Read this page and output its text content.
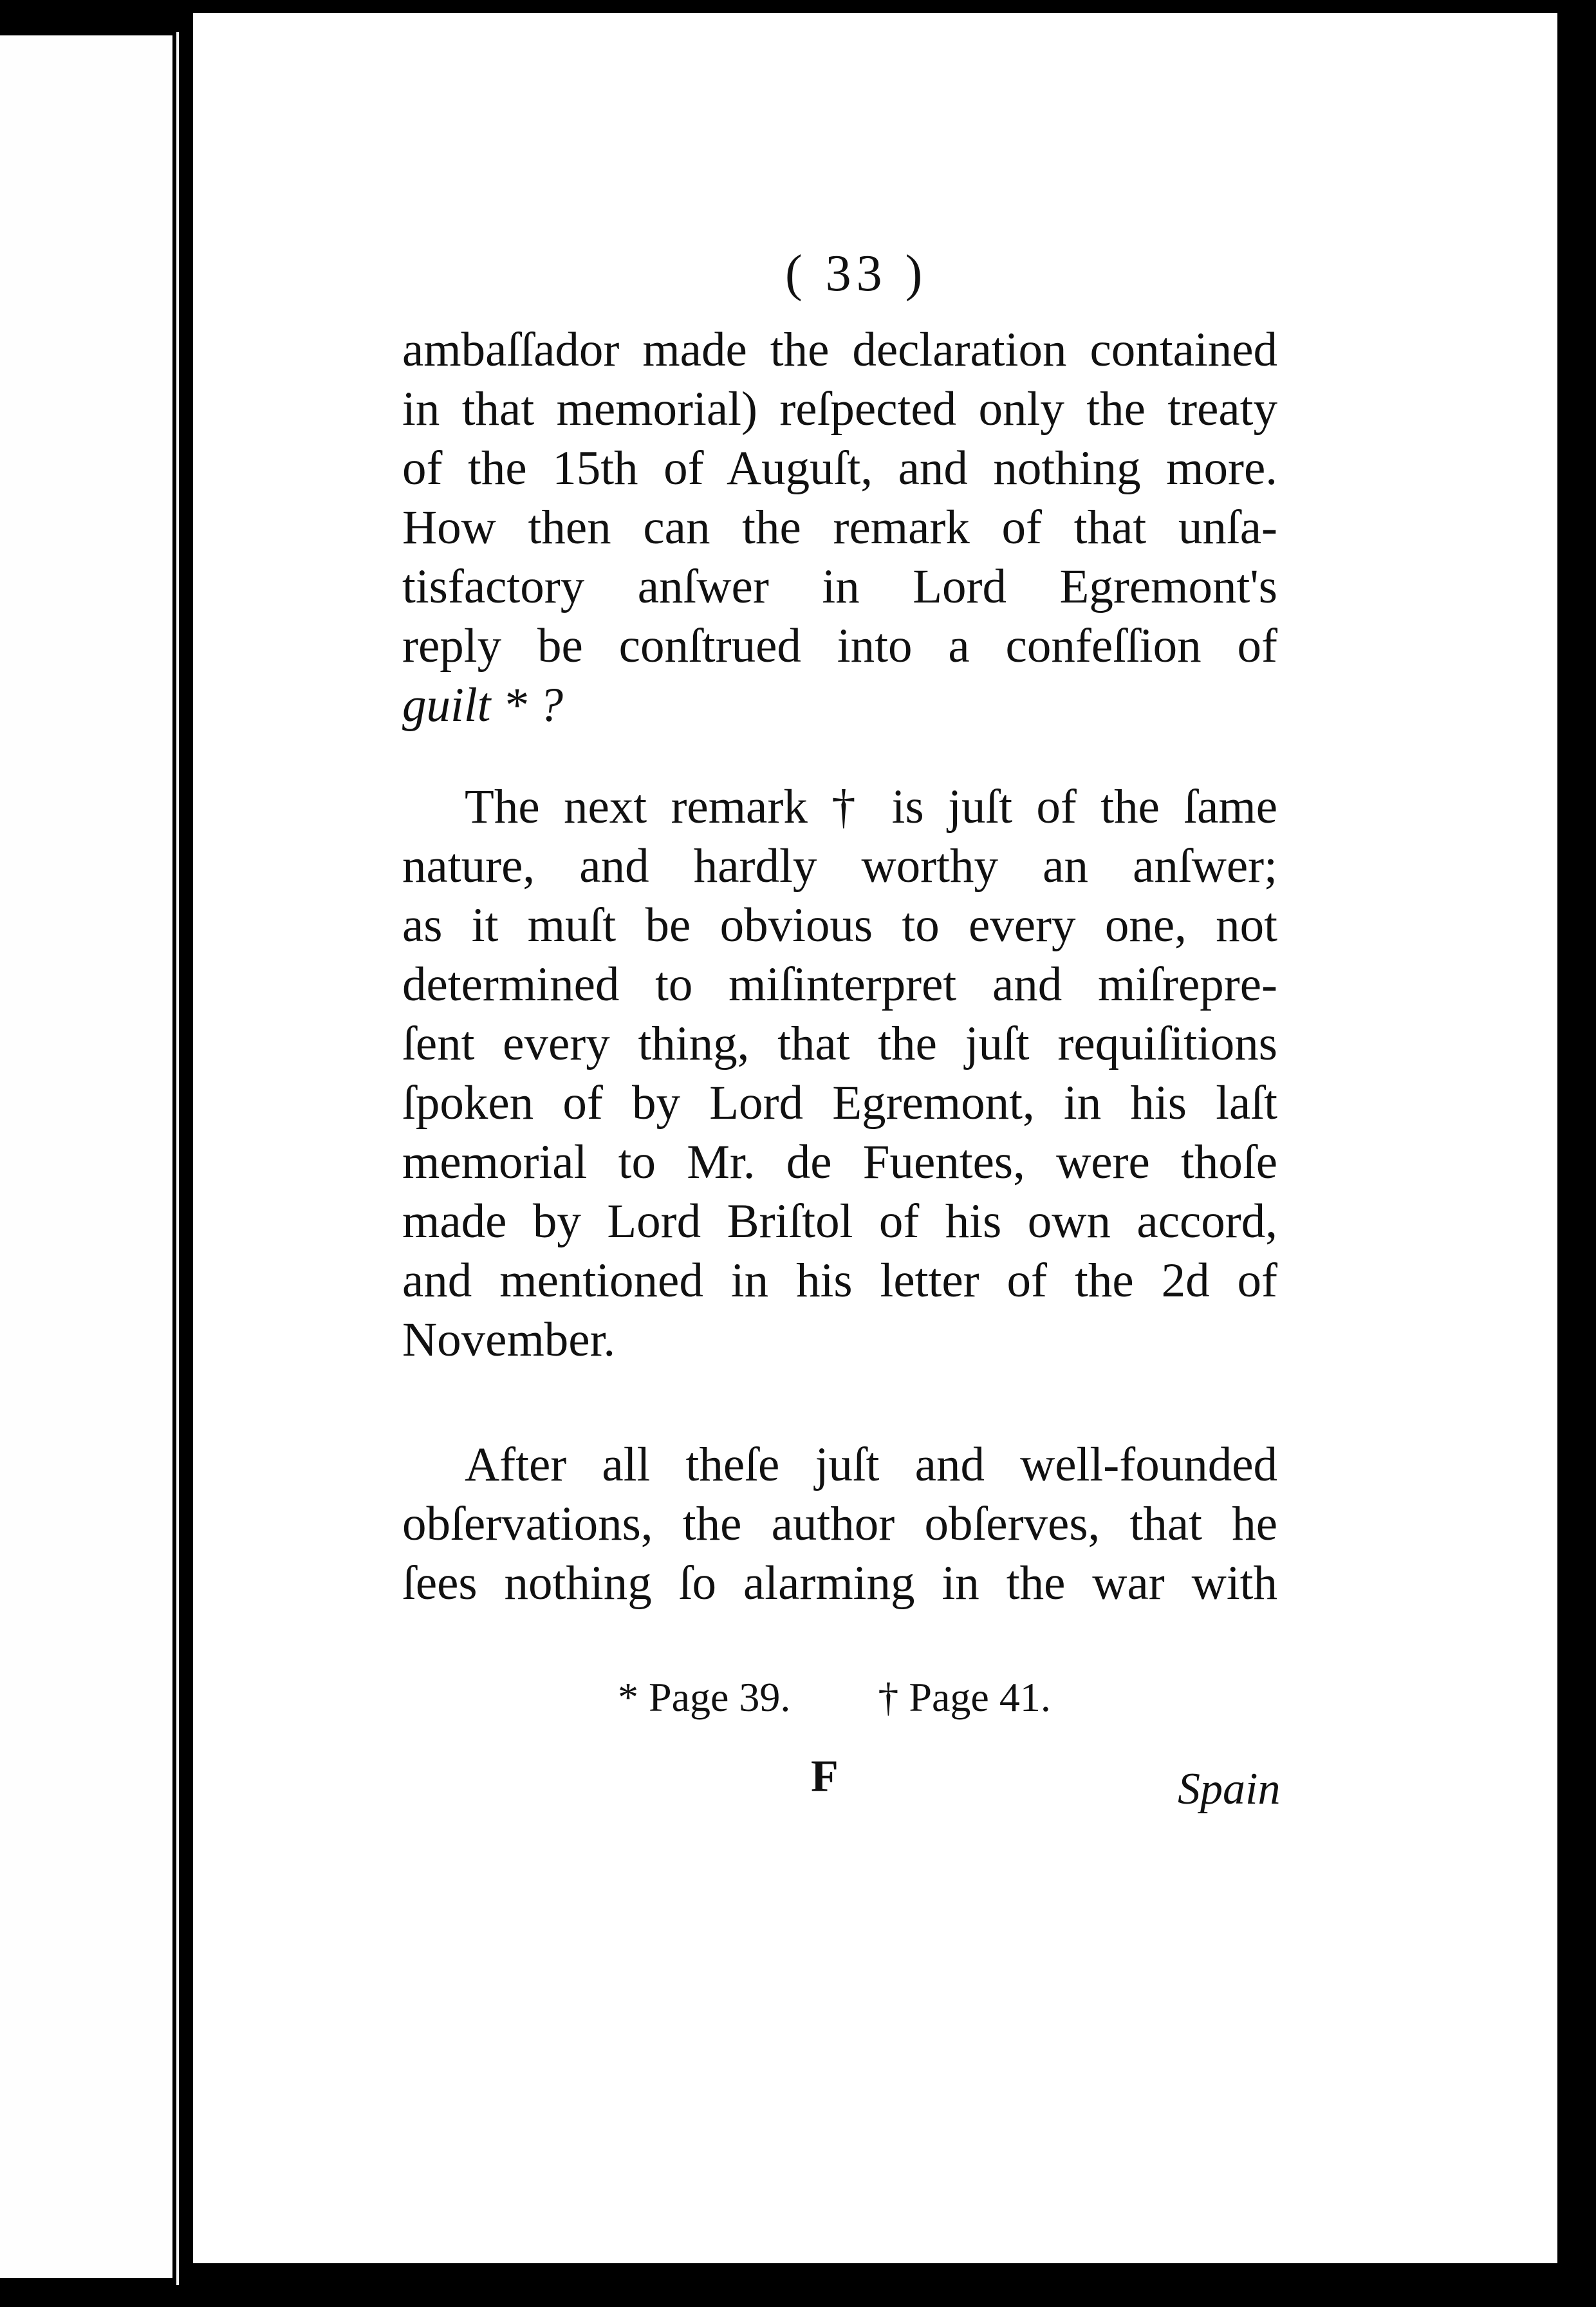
( 33 )
ambaſſador made the declaration contained
in that memorial) reſpected only the treaty
of the 15th of Auguſt, and nothing more.
How then can the remark of that unſa-
tisfactory anſwer in Lord Egremont's
reply be conſtrued into a confeſſion of
guilt * ?
The next remark † is juſt of the ſame
nature, and hardly worthy an anſwer;
as it muſt be obvious to every one, not
determined to miſinterpret and miſrepre-
ſent every thing, that the juſt requiſitions
ſpoken of by Lord Egremont, in his laſt
memorial to Mr. de Fuentes, were thoſe
made by Lord Briſtol of his own accord,
and mentioned in his letter of the 2d of
November.
After all theſe juſt and well-founded
obſervations, the author obſerves, that he
ſees nothing ſo alarming in the war with
* Page 39. † Page 41.
F	Spain
